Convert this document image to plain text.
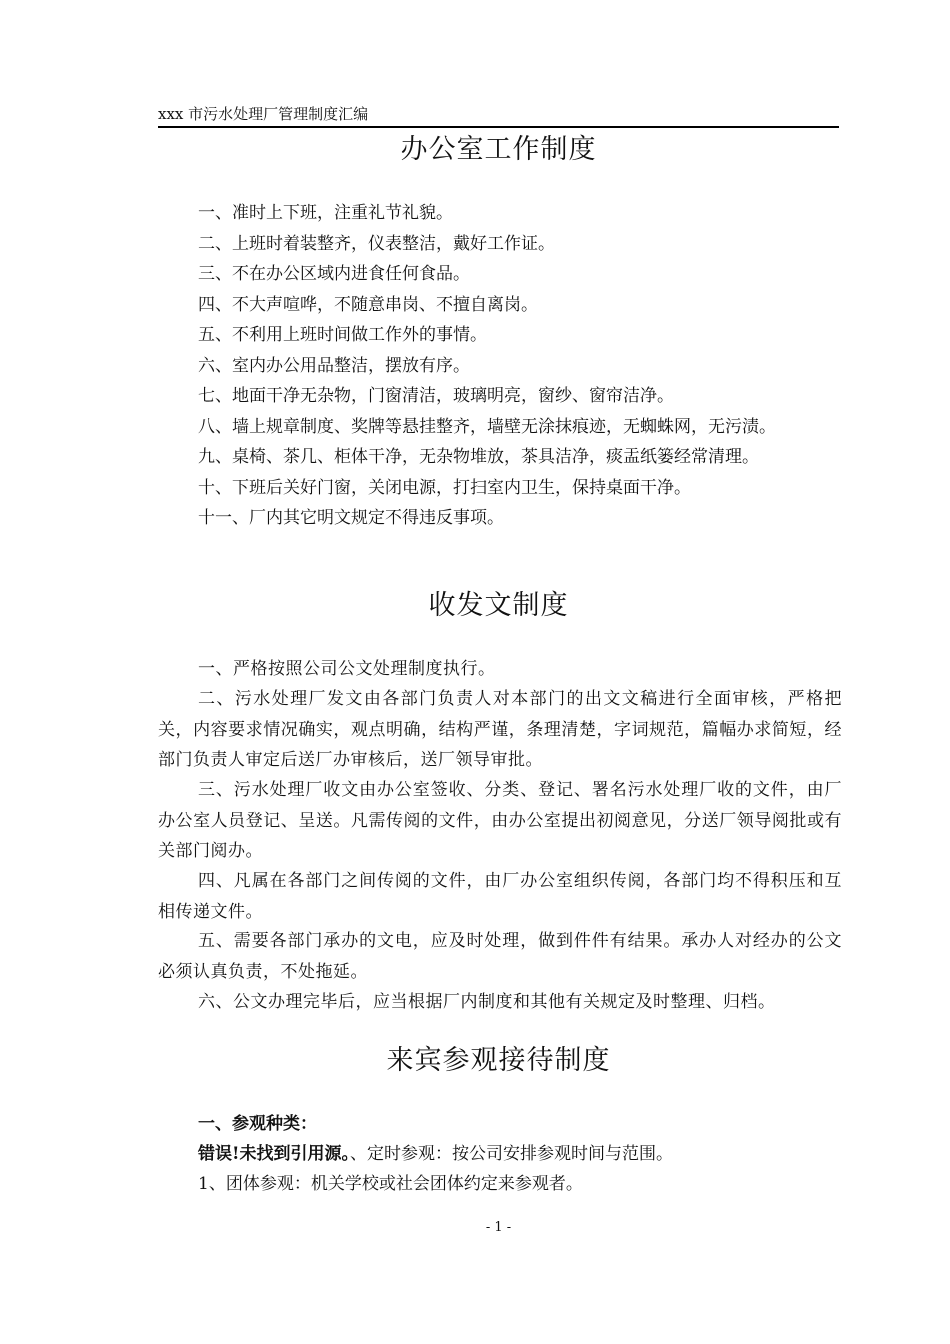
xxx 市污水处理厂管理制度汇编
办公室工作制度
一、准时上下班，注重礼节礼貌。
二、上班时着装整齐，仪表整洁，戴好工作证。
三、不在办公区域内进食任何食品。
四、不大声喧哗，不随意串岗、不擅自离岗。
五、不利用上班时间做工作外的事情。
六、室内办公用品整洁，摆放有序。
七、地面干净无杂物，门窗清洁，玻璃明亮，窗纱、窗帘洁净。
八、墙上规章制度、奖牌等悬挂整齐，墙壁无涂抹痕迹，无蜘蛛网，无污渍。
九、桌椅、茶几、柜体干净，无杂物堆放，茶具洁净，痰盂纸篓经常清理。
十、下班后关好门窗，关闭电源，打扫室内卫生，保持桌面干净。
十一、厂内其它明文规定不得违反事项。
收发文制度

一、严格按照公司公文处理制度执行。

二、污水处理厂发文由各部门负责人对本部门的出文文稿进行全面审核，严格把关，内容要求情况确实，观点明确，结构严谨，条理清楚，字词规范，篇幅办求简短，经部门负责人审定后送厂办审核后，送厂领导审批。

三、污水处理厂收文由办公室签收、分类、登记、署名污水处理厂收的文件，由厂办公室人员登记、呈送。凡需传阅的文件，由办公室提出初阅意见，分送厂领导阅批或有关部门阅办。

四、凡属在各部门之间传阅的文件，由厂办公室组织传阅，各部门均不得积压和互相传递文件。

五、需要各部门承办的文电，应及时处理，做到件件有结果。承办人对经办的公文必须认真负责，不处拖延。

六、公文办理完毕后，应当根据厂内制度和其他有关规定及时整理、归档。

来宾参观接待制度
一、参观种类：
错误!未找到引用源。、定时参观：按公司安排参观时间与范围。
1、团体参观：机关学校或社会团体约定来参观者。
- 1 -
